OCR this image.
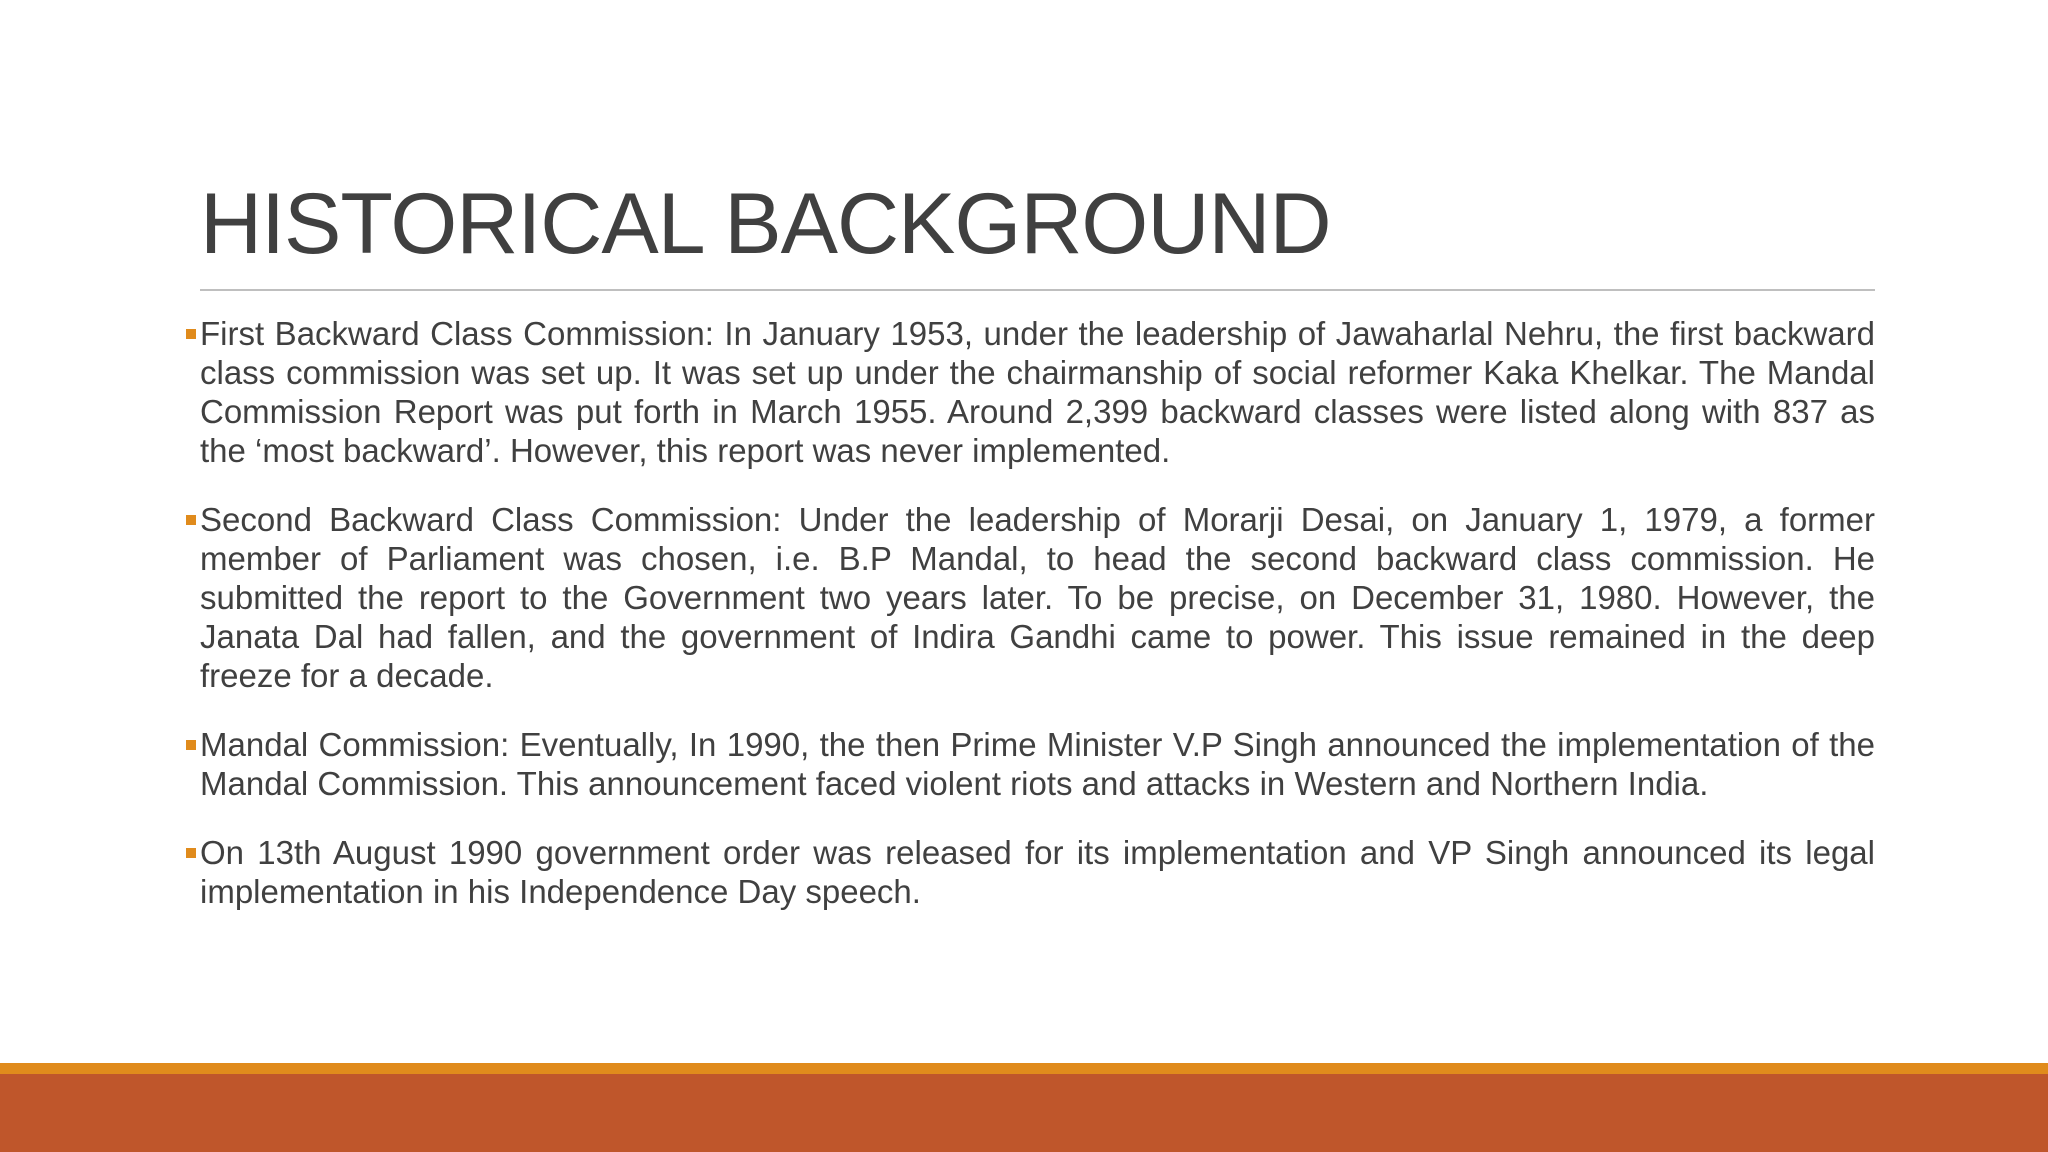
HISTORICAL BACKGROUND
First Backward Class Commission: In January 1953, under the leadership of Jawaharlal Nehru, the first backward class commission was set up. It was set up under the chairmanship of social reformer Kaka Khelkar. The Mandal Commission Report was put forth in March 1955. Around 2,399 backward classes were listed along with 837 as the ‘most backward’. However, this report was never implemented.
Second Backward Class Commission: Under the leadership of Morarji Desai, on January 1, 1979, a former member of Parliament was chosen, i.e. B.P Mandal, to head the second backward class commission. He submitted the report to the Government two years later. To be precise, on December 31, 1980. However, the Janata Dal had fallen, and the government of Indira Gandhi came to power. This issue remained in the deep freeze for a decade.
Mandal Commission: Eventually, In 1990, the then Prime Minister V.P Singh announced the implementation of the Mandal Commission. This announcement faced violent riots and attacks in Western and Northern India.
On 13th August 1990 government order was released for its implementation and VP Singh announced its legal implementation in his Independence Day speech.
